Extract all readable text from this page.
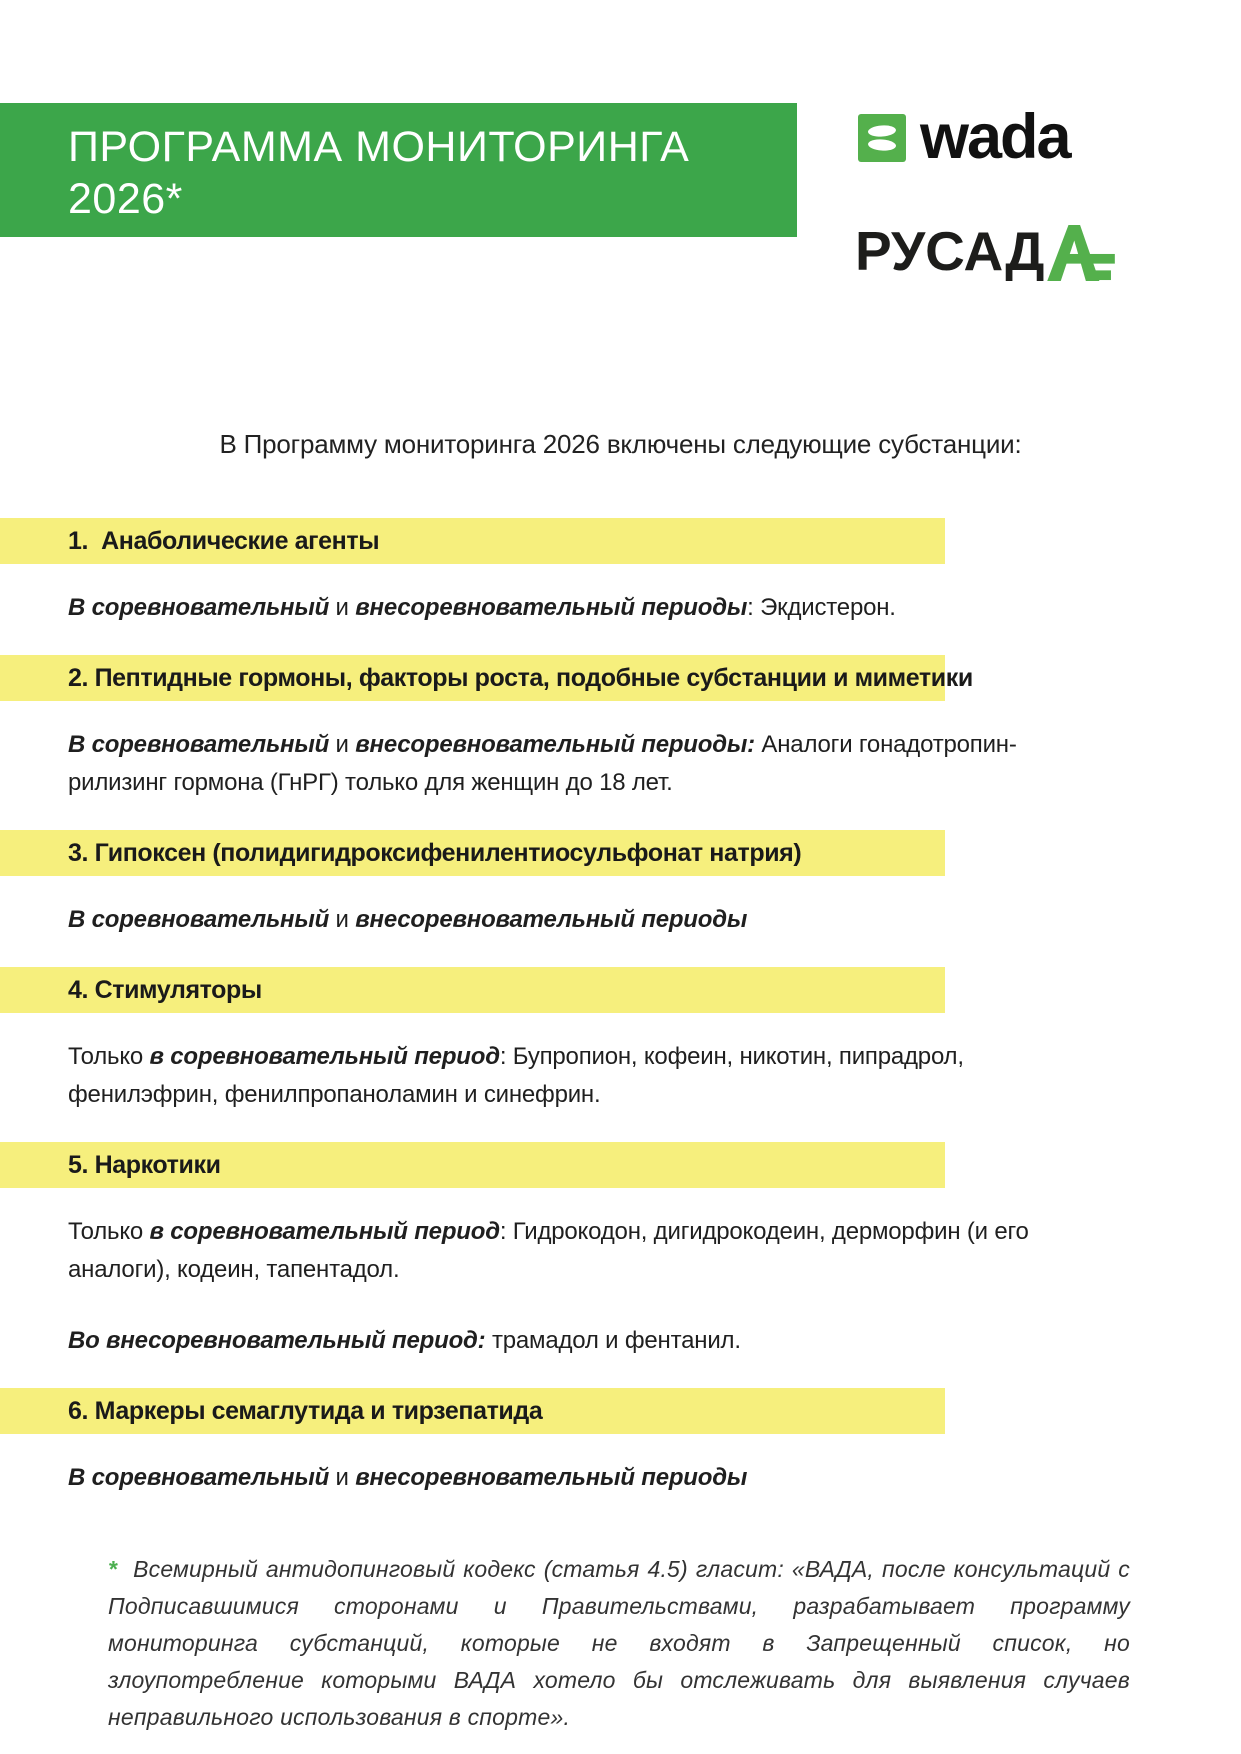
ПРОГРАММА МОНИТОРИНГА
2026*
wada
РУСАД
В Программу мониторинга 2026 включены следующие субстанции:
1.  Анаболические агенты
В соревновательный и внесоревновательный периоды: Экдистерон.
2. Пептидные гормоны, факторы роста, подобные субстанции и миметики
В соревновательный и внесоревновательный периоды: Аналоги гонадотропин-рилизинг гормона (ГнРГ) только для женщин до 18 лет.
3. Гипоксен (полидигидроксифенилентиосульфонат натрия)
В соревновательный и внесоревновательный периоды
4. Стимуляторы
Только в соревновательный период: Бупропион, кофеин, никотин, пипрадрол, фенилэфрин, фенилпропаноламин и синефрин.
5. Наркотики
Только в соревновательный период: Гидрокодон, дигидрокодеин, дерморфин (и его аналоги), кодеин, тапентадол.
Во внесоревновательный период: трамадол и фентанил.
6. Маркеры семаглутида и тирзепатида
В соревновательный и внесоревновательный периоды
* Всемирный антидопинговый кодекс (статья 4.5) гласит: «ВАДА, после консультаций с Подписавшимися сторонами и Правительствами, разрабатывает программу мониторинга субстанций, которые не входят в Запрещенный список, но злоупотребление которыми ВАДА хотело бы отслеживать для выявления случаев неправильного использования в спорте».
